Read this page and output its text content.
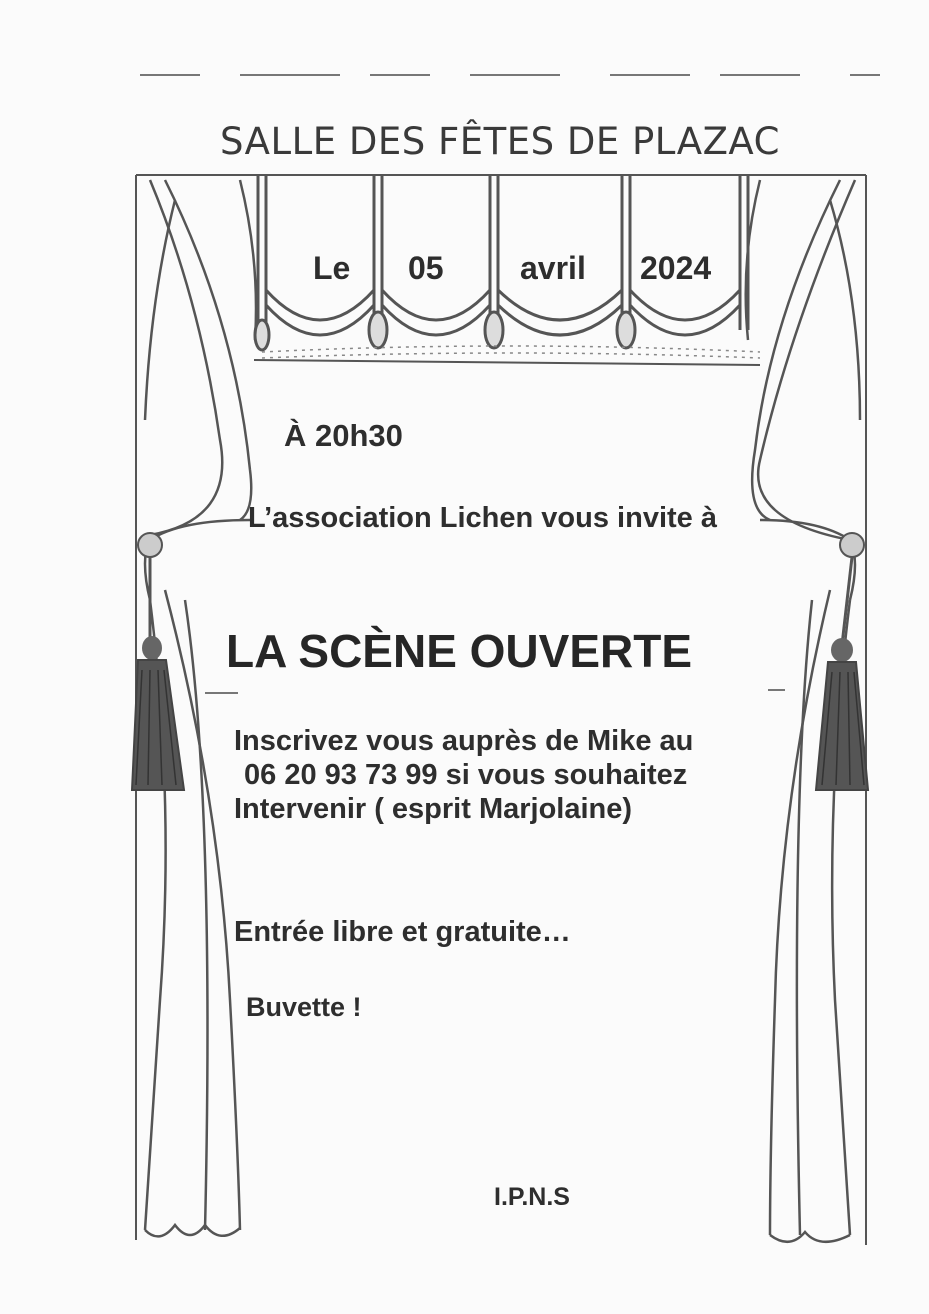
SALLE DES FÊTES DE PLAZAC
Le 05 avril 2024
À 20h30
L’association Lichen vous invite à
LA SCÈNE OUVERTE
Inscrivez vous auprès de Mike au
06 20 93 73 99 si vous souhaitez
Intervenir ( esprit Marjolaine)
Entrée libre et gratuite…
Buvette !
I.P.N.S
